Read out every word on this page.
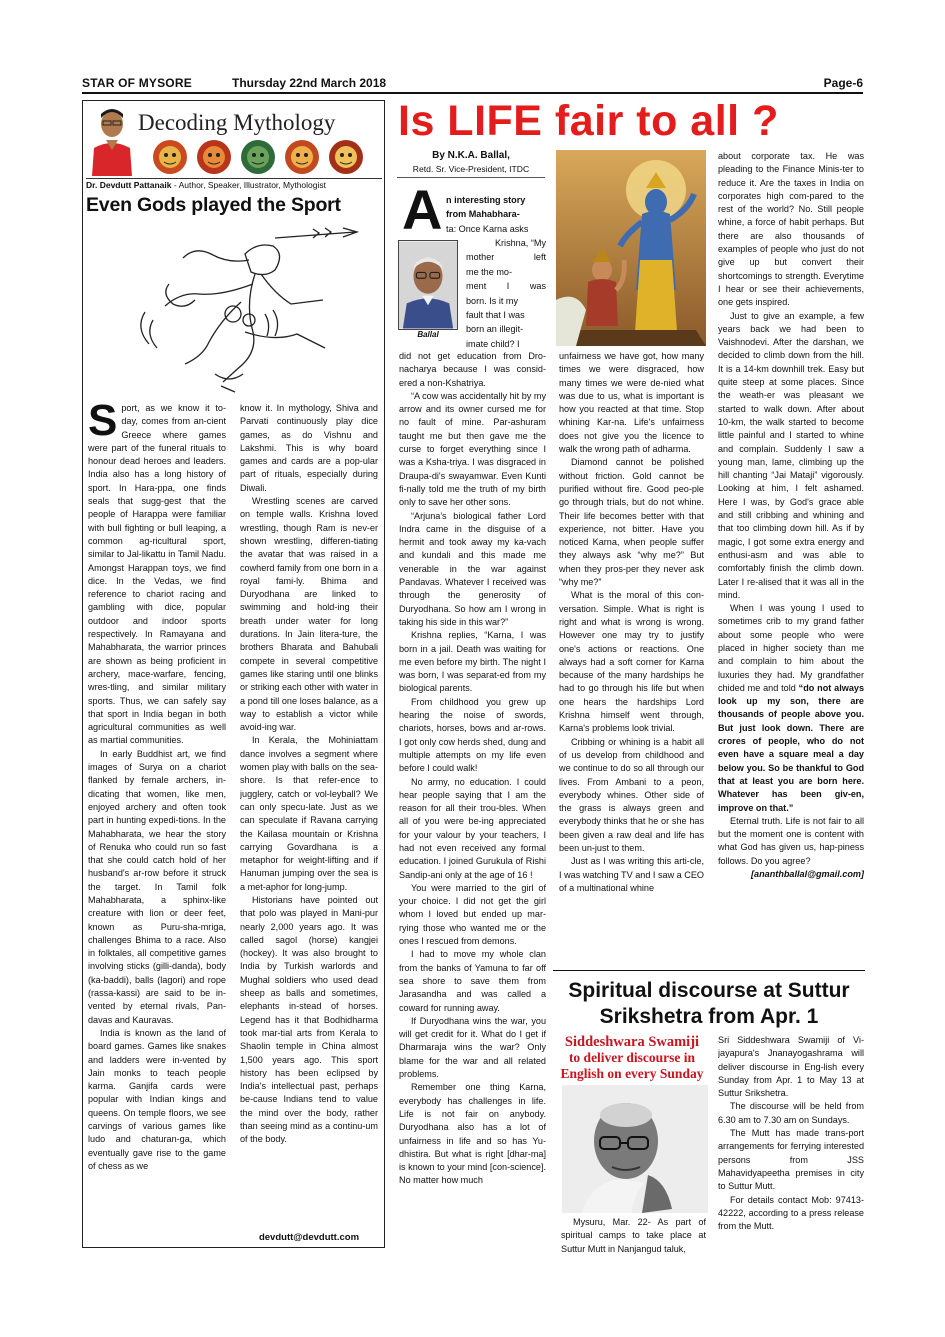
STAR OF MYSORE	Thursday 22nd March 2018	Page-6
Decoding Mythology
Dr. Devdutt Pattanaik - Author, Speaker, Illustrator, Mythologist
Even Gods played the Sport

Sport, as we know it to-day, comes from an-cient Greece where games were part of the funeral rituals to honour dead heroes and leaders. India also has a long history of sport. In Hara-ppa, one finds seals that sugg-gest that the people of Harappa were familiar with bull fighting or bull leaping, a common ag-ricultural sport, similar to Jal-likattu in Tamil Nadu. Amongst Harappan toys, we find dice. In the Vedas, we find reference to chariot racing and gambling with dice, popular outdoor and indoor sports respectively. In Ramayana and Mahabharata, the warrior princes are shown as being proficient in archery, mace-warfare, fencing, wres-tling, and similar military sports. Thus, we can safely say that sport in India began in both agricultural communities as well as martial communities.

In early Buddhist art, we find images of Surya on a chariot flanked by female archers, in-dicating that women, like men, enjoyed archery and often took part in hunting expedi-tions. In the Mahabharata, we hear the story of Renuka who could run so fast that she could catch hold of her husband's ar-row before it struck the target. In Tamil folk Mahabharata, a sphinx-like creature with lion or deer feet, known as Puru-sha-mriga, challenges Bhima to a race. Also in folktales, all competitive games involving sticks (gilli-danda), body (ka-baddi), balls (lagori) and rope (rassa-kassi) are said to be in-vented by eternal rivals, Pan-davas and Kauravas.

India is known as the land of board games. Games like snakes and ladders were in-vented by Jain monks to teach people karma. Ganjifa cards were popular with Indian kings and queens. On temple floors, we see carvings of various games like ludo and chaturan-ga, which eventually gave rise to the game of chess as we

know it. In mythology, Shiva and Parvati continuously play dice games, as do Vishnu and Lakshmi. This is why board games and cards are a pop-ular part of rituals, especially during Diwali.

Wrestling scenes are carved on temple walls. Krishna loved wrestling, though Ram is nev-er shown wrestling, differen-tiating the avatar that was raised in a cowherd family from one born in a royal fami-ly. Bhima and Duryodhana are linked to swimming and hold-ing their breath under water for long durations. In Jain litera-ture, the brothers Bharata and Bahubali compete in several competitive games like staring until one blinks or striking each other with water in a pond till one loses balance, as a way to establish a victor while avoid-ing war.

In Kerala, the Mohiniattam dance involves a segment where women play with balls on the sea-shore. Is that refer-ence to jugglery, catch or vol-leyball? We can only specu-late. Just as we can speculate if Ravana carrying the Kailasa mountain or Krishna carrying Govardhana is a metaphor for weight-lifting and if Hanuman jumping over the sea is a met-aphor for long-jump.

Historians have pointed out that polo was played in Mani-pur nearly 2,000 years ago. It was called sagol (horse) kangjei (hockey). It was also brought to India by Turkish warlords and Mughal soldiers who used dead sheep as balls and sometimes, elephants in-stead of horses. Legend has it that Bodhidharma took mar-tial arts from Kerala to Shaolin temple in China almost 1,500 years ago. This sport history has been eclipsed by India's intellectual past, perhaps be-cause Indians tend to value the mind over the body, rather than seeing mind as a continu-um of the body.

devdutt@devdutt.com
Is LIFE fair to all ?
By N.K.A. Ballal,
Retd. Sr. Vice-President, ITDC
A n interesting story
from Mahabhara-
ta: Once Karna asks
Ballal
Krishna, “My
mother left
me the mo-
ment I was
born. Is it my
fault that I was
born an illegit-
imate child? I

did not get education from Dro-nacharya because I was consid-ered a non-Kshatriya.

“A cow was accidentally hit by my arrow and its owner cursed me for no fault of mine. Par-ashuram taught me but then gave me the curse to forget everything since I was a Ksha-triya. I was disgraced in Draupa-di's swayamwar. Even Kunti fi-nally told me the truth of my birth only to save her other sons.

“Arjuna's biological father Lord Indra came in the disguise of a hermit and took away my ka-vach and kundali and this made me venerable in the war against Pandavas. Whatever I received was through the generosity of Duryodhana. So how am I wrong in taking his side in this war?”

Krishna replies, “Karna, I was born in a jail. Death was waiting for me even before my birth. The night I was born, I was separat-ed from my biological parents.

From childhood you grew up hearing the noise of swords, chariots, horses, bows and ar-rows. I got only cow herds shed, dung and multiple attempts on my life even before I could walk!

No army, no education. I could hear people saying that I am the reason for all their trou-bles. When all of you were be-ing appreciated for your valour by your teachers, I had not even received any formal education. I joined Gurukula of Rishi Sandip-ani only at the age of 16 !

You were married to the girl of your choice. I did not get the girl whom I loved but ended up mar-rying those who wanted me or the ones I rescued from demons.

I had to move my whole clan from the banks of Yamuna to far off sea shore to save them from Jarasandha and was called a coward for running away.

If Duryodhana wins the war, you will get credit for it. What do I get if Dharmaraja wins the war? Only blame for the war and all related problems.

Remember one thing Karna, everybody has challenges in life. Life is not fair on anybody. Duryodhana also has a lot of unfairness in life and so has Yu-dhistira. But what is right [dhar-ma] is known to your mind [con-science]. No matter how much

unfairness we have got, how many times we were disgraced, how many times we were de-nied what was due to us, what is important is how you reacted at that time. Stop whining Kar-na. Life's unfairness does not give you the licence to walk the wrong path of adharma.

Diamond cannot be polished without friction. Gold cannot be purified without fire. Good peo-ple go through trials, but do not whine. Their life becomes better with that experience, not bitter. Have you noticed Karna, when people suffer they always ask “why me?” But when they pros-per they never ask “why me?”

What is the moral of this con-versation. Simple. What is right is right and what is wrong is wrong. However one may try to justify one's actions or reactions. One always had a soft corner for Karna because of the many hardships he had to go through his life but when one hears the hardships Lord Krishna himself went through, Karna's problems look trivial.

Cribbing or whining is a habit all of us develop from childhood and we continue to do so all through our lives. From Ambani to a peon, everybody whines. Other side of the grass is always green and everybody thinks that he or she has been given a raw deal and life has been un-just to them.

Just as I was writing this arti-cle, I was watching TV and I saw a CEO of a multinational whine

about corporate tax. He was pleading to the Finance Minis-ter to reduce it. Are the taxes in India on corporates high com-pared to the rest of the world? No. Still people whine, a force of habit perhaps. But there are also thousands of examples of people who just do not give up but convert their shortcomings to strength. Everytime I hear or see their achievements, one gets inspired.

Just to give an example, a few years back we had been to Vaishnodevi. After the darshan, we decided to climb down from the hill. It is a 14-km downhill trek. Easy but quite steep at some places. Since the weath-er was pleasant we started to walk down. After about 10-km, the walk started to become little painful and I started to whine and complain. Suddenly I saw a young man, lame, climbing up the hill chanting “Jai Mataji” vigorously. Looking at him, I felt ashamed. Here I was, by God's grace able and still cribbing and whining and that too climbing down hill. As if by magic, I got some extra energy and enthusi-asm and was able to comfortably finish the climb down. Later I re-alised that it was all in the mind.

When I was young I used to sometimes crib to my grand father about some people who were placed in higher society than me and complain to him about the luxuries they had. My grandfather chided me and told “do not always look up my son, there are thousands of people above you. But just look down. There are crores of people, who do not even have a square meal a day below you. So be thankful to God that at least you are born here. Whatever has been giv-en, improve on that.”

Eternal truth. Life is not fair to all but the moment one is content with what God has given us, hap-piness follows. Do you agree?

[ananthballal@gmail.com]

Spiritual discourse at Suttur
Srikshetra from Apr. 1
Siddeshwara Swamiji
to deliver discourse in
English on every Sunday

Mysuru, Mar. 22- As part of spiritual camps to take place at Suttur Mutt in Nanjangud taluk,

Sri Siddeshwara Swamiji of Vi-jayapura's Jnanayogashrama will deliver discourse in Eng-lish every Sunday from Apr. 1 to May 13 at Suttur Srikshetra.

The discourse will be held from 6.30 am to 7.30 am on Sundays.

The Mutt has made trans-port arrangements for ferrying interested persons from JSS Mahavidyapeetha premises in city to Suttur Mutt.

For details contact Mob: 97413-42222, according to a press release from the Mutt.
